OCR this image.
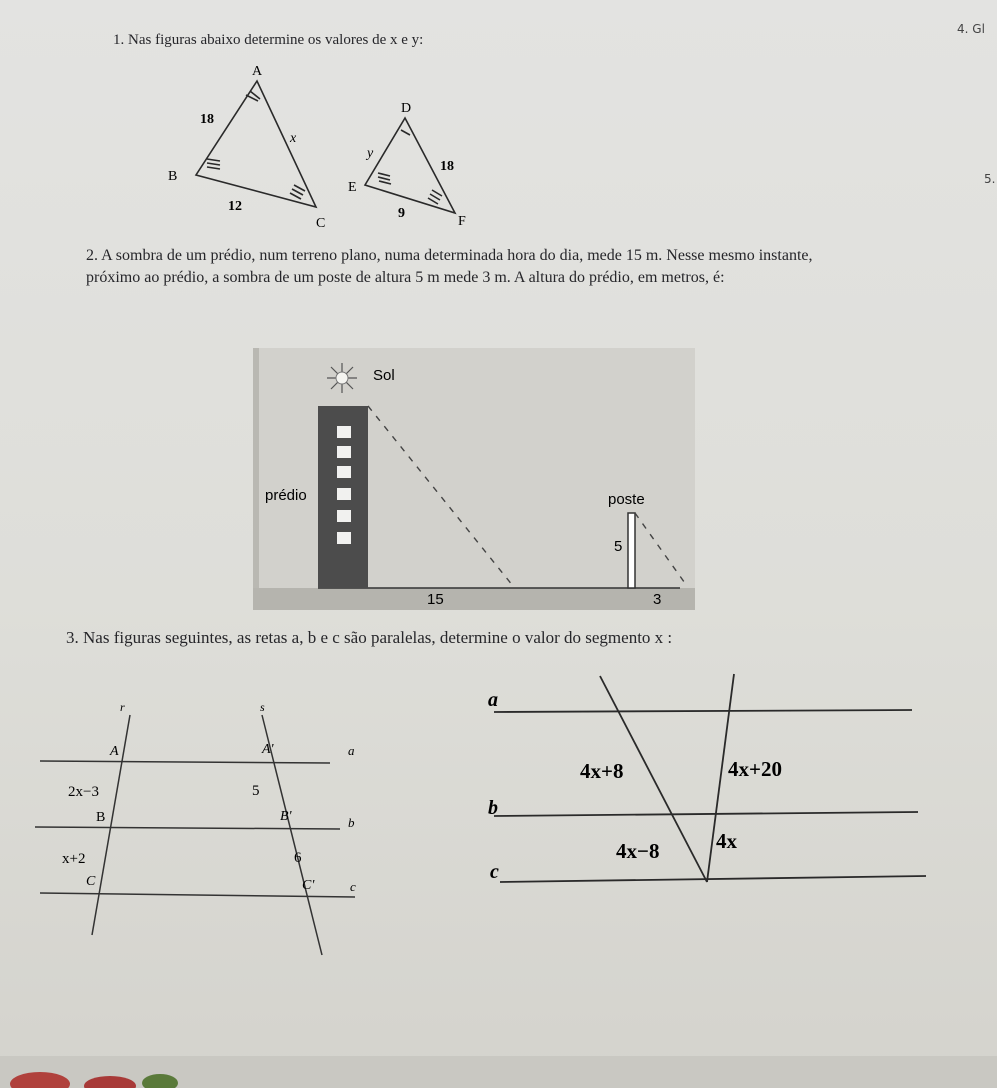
4. Gl
5.
1. Nas figuras abaixo determine os valores de x e y:
A
B
C
18
x
12
D
E
F
y
18
9
2. A sombra de um prédio, num terreno plano, numa determinada hora do dia, mede 15 m. Nesse mesmo instante, próximo ao prédio, a sombra de um poste de altura 5 m mede 3 m. A altura do prédio, em metros, é:
Sol
prédio
15
poste
5
3
3. Nas figuras seguintes, as retas a, b e c são paralelas, determine o valor do segmento x :
r	s
a
b
c
A	A'
B	B'
C	C'
2x−3
x+2
5
6
a
b
c
4x+8	4x+20
4x−8	4x
